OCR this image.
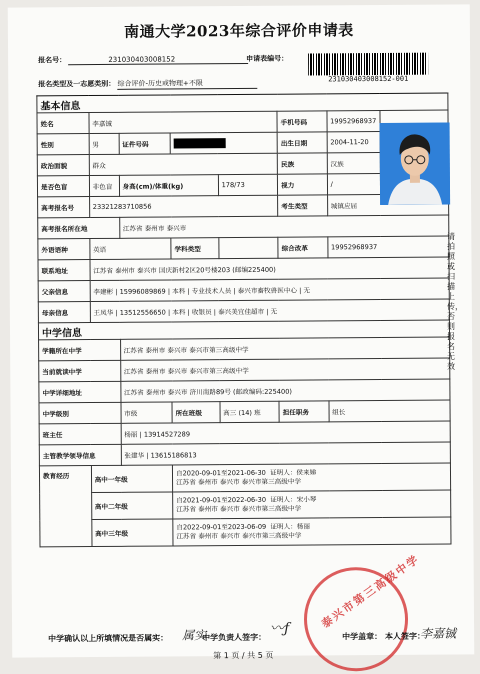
南通大学2023年综合评价申请表
报名号：	23103040300815​2	申请表编号：
231030403008152-001
报名类型及一志愿类别： 综合评价-历史或物理+不限
基本信息							
姓名	李嘉铖				手机号码	19952968937	
性别	男	证件号码			出生日期	2004-11-20	
政治面貌	群众				民族	汉族	
是否色盲	非色盲	身高(cm)/体重(kg)		178/73	视力	/	
高考报名号	23321283710856				考生类型	城镇应届	
高考报名所在地		江苏省 泰州市 泰兴市					
外语语种	英语		学科类型		综合改革	19952968937	
联系地址	江苏省 泰州市 泰兴市 国庆新村2区20号楼203 (邮编225400)						
父亲信息	李建彬 | 15996089869 | 本科 | 专业技术人员 | 泰兴市畜牧兽医中心 | 无						
母亲信息	王凤华 | 13512556650 | 本科 | 收银员 | 泰兴美宜佳超市 | 无						
中学信息							
学籍所在中学		江苏省 泰州市 泰兴市 泰兴市第三高级中学					
当前就读中学		江苏省 泰州市 泰兴市 泰兴市第三高级中学					
中学详细地址		江苏省 泰州市 泰兴市 济川南路89号 (邮政编码:225400)					
中学级别		市级	所在班级	高三 (14) 班	担任职务	组长	
班主任		杨丽 | 13914527289					
主管教学领导信息		张建华 | 13615186813					
教育经历	高中一年级		自2020-09-01至2021-06-30 证明人：侯来娣
江苏省 泰州市 泰兴市 泰兴市第三高级中学				
	高中二年级		自2021-09-01至2022-06-30 证明人：宋小琴
江苏省 泰州市 泰兴市 泰兴市第三高级中学				
	高中三年级		自2022-09-01至2023-06-09 证明人：杨丽
江苏省 泰州市 泰兴市 泰兴市第三高级中学				
泰兴市第三高级中学
中学确认以上所填情况是否属实： 属实
中学负责人签字：
〰ƒ	中学盖章： 本人签字：
李嘉铖
第 1 页 / 共 5 页
请拍照或扫描上传，否则报名无效
